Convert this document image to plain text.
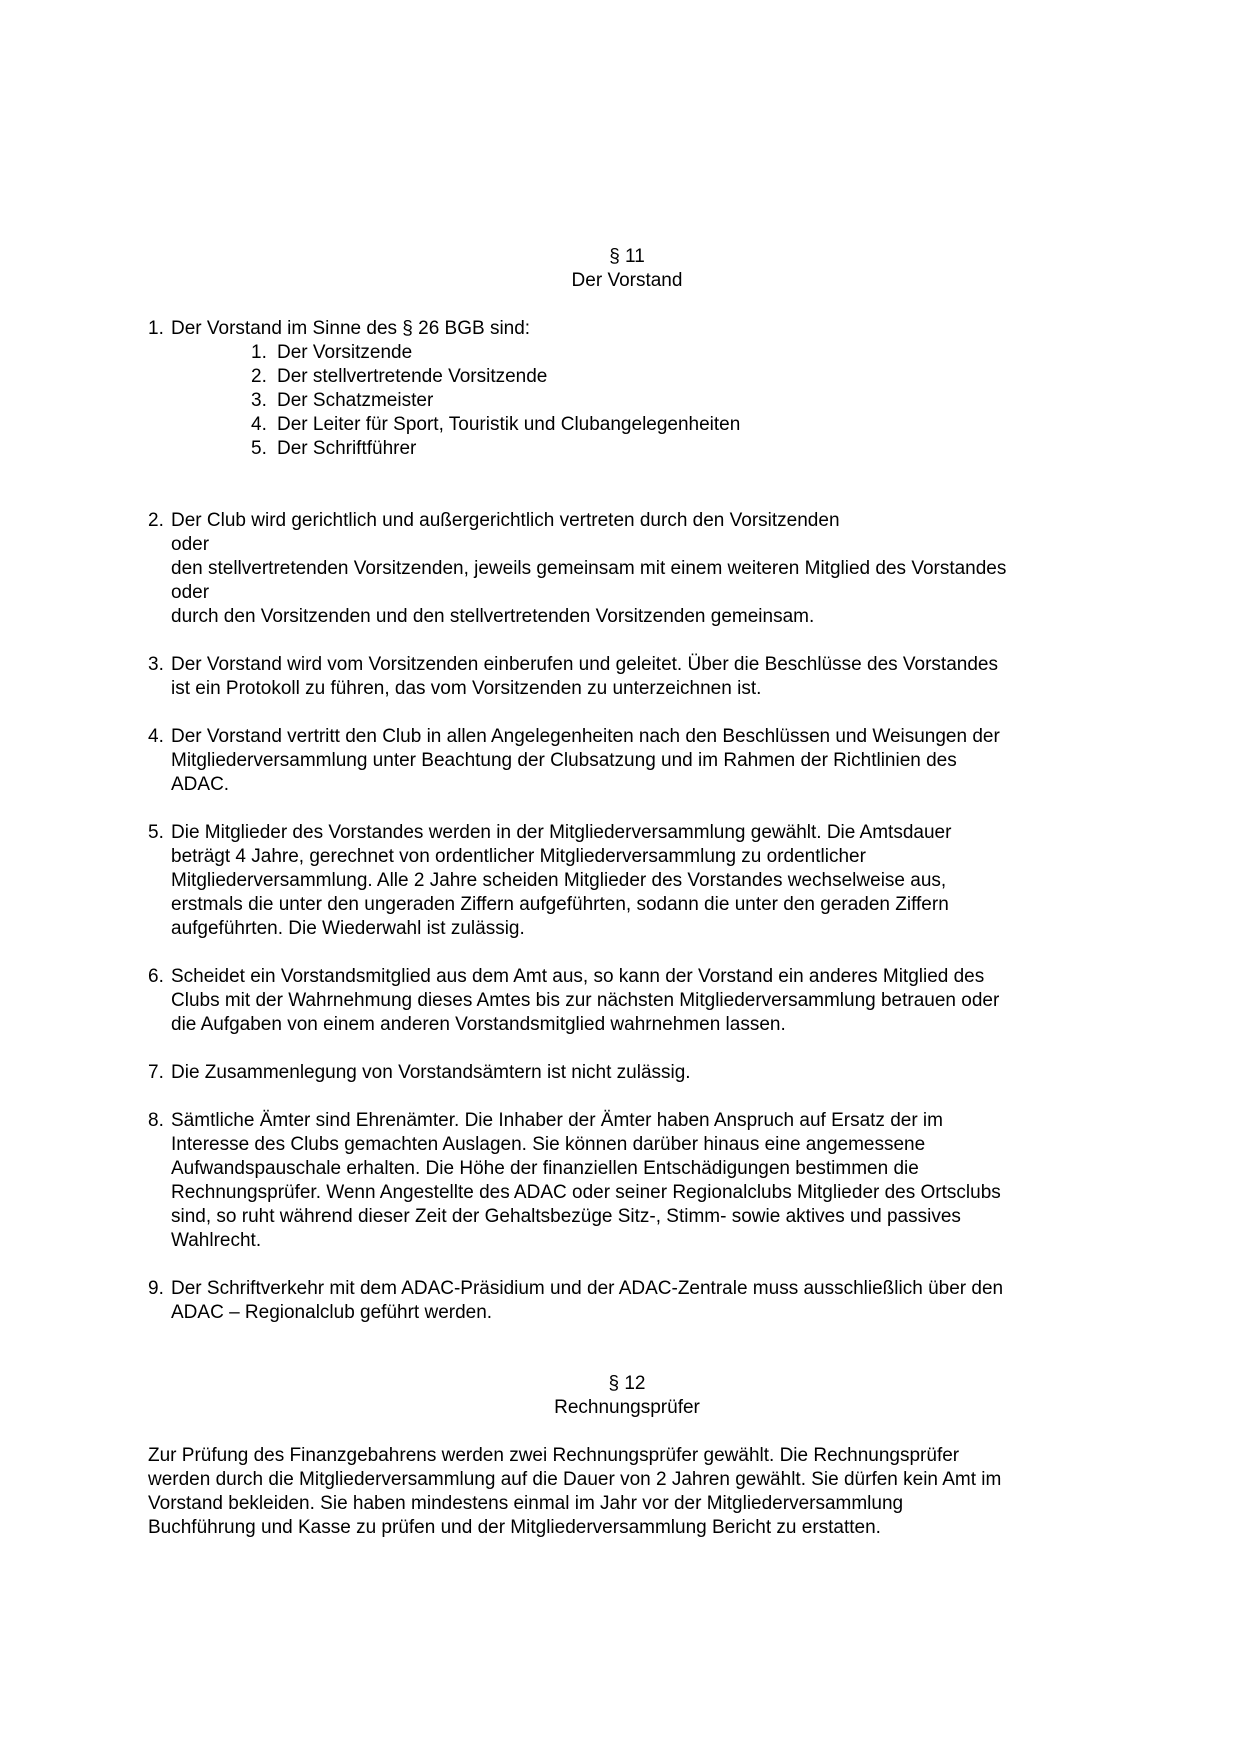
§ 11
Der Vorstand
1. Der Vorstand im Sinne des § 26 BGB sind:
1. Der Vorsitzende
2. Der stellvertretende Vorsitzende
3. Der Schatzmeister
4. Der Leiter für Sport, Touristik und Clubangelegenheiten
5. Der Schriftführer
2. Der Club wird gerichtlich und außergerichtlich vertreten durch den Vorsitzenden
oder
den stellvertretenden Vorsitzenden, jeweils gemeinsam mit einem weiteren Mitglied des Vorstandes
oder
durch den Vorsitzenden und den stellvertretenden Vorsitzenden gemeinsam.
3. Der Vorstand wird vom Vorsitzenden einberufen und geleitet. Über die Beschlüsse des Vorstandes
ist ein Protokoll zu führen, das vom Vorsitzenden zu unterzeichnen ist.
4. Der Vorstand vertritt den Club in allen Angelegenheiten nach den Beschlüssen und Weisungen der
Mitgliederversammlung unter Beachtung der Clubsatzung und im Rahmen der Richtlinien des
ADAC.
5. Die Mitglieder des Vorstandes werden in der Mitgliederversammlung gewählt. Die Amtsdauer
beträgt 4 Jahre, gerechnet von ordentlicher Mitgliederversammlung zu ordentlicher
Mitgliederversammlung. Alle 2 Jahre scheiden Mitglieder des Vorstandes wechselweise aus,
erstmals die unter den ungeraden Ziffern aufgeführten, sodann die unter den geraden Ziffern
aufgeführten. Die Wiederwahl ist zulässig.
6. Scheidet ein Vorstandsmitglied aus dem Amt aus, so kann der Vorstand ein anderes Mitglied des
Clubs mit der Wahrnehmung dieses Amtes bis zur nächsten Mitgliederversammlung betrauen oder
die Aufgaben von einem anderen Vorstandsmitglied wahrnehmen lassen.
7. Die Zusammenlegung von Vorstandsämtern ist nicht zulässig.
8. Sämtliche Ämter sind Ehrenämter. Die Inhaber der Ämter haben Anspruch auf Ersatz der im
Interesse des Clubs gemachten Auslagen. Sie können darüber hinaus eine angemessene
Aufwandspauschale erhalten. Die Höhe der finanziellen Entschädigungen bestimmen die
Rechnungsprüfer. Wenn Angestellte des ADAC oder seiner Regionalclubs Mitglieder des Ortsclubs
sind, so ruht während dieser Zeit der Gehaltsbezüge Sitz-, Stimm- sowie aktives und passives
Wahlrecht.
9. Der Schriftverkehr mit dem ADAC-Präsidium und der ADAC-Zentrale muss ausschließlich über den
ADAC – Regionalclub geführt werden.
§ 12
Rechnungsprüfer

Zur Prüfung des Finanzgebahrens werden zwei Rechnungsprüfer gewählt. Die Rechnungsprüfer
werden durch die Mitgliederversammlung auf die Dauer von 2 Jahren gewählt. Sie dürfen kein Amt im
Vorstand bekleiden. Sie haben mindestens einmal im Jahr vor der Mitgliederversammlung
Buchführung und Kasse zu prüfen und der Mitgliederversammlung Bericht zu erstatten.
